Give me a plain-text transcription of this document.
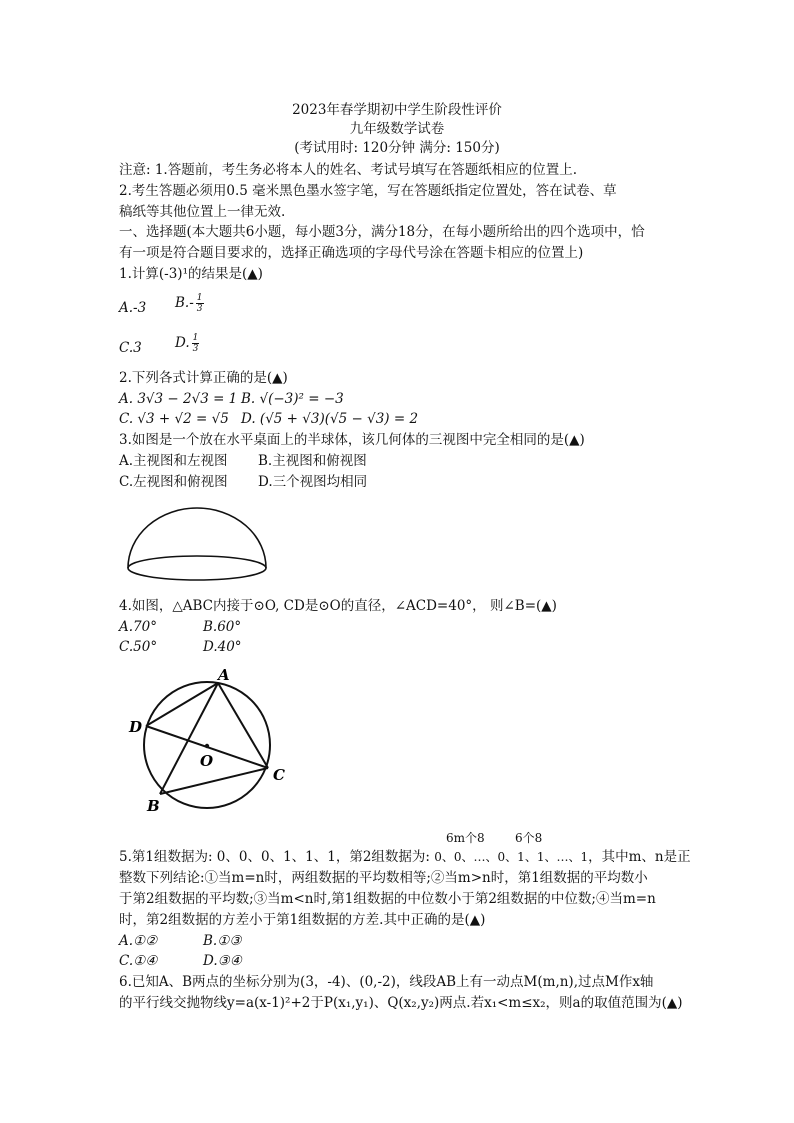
2023年春学期初中学生阶段性评价
九年级数学试卷
(考试用时: 120分钟 满分: 150分)
注意: 1.答题前，考生务必将本人的姓名、考试号填写在答题纸相应的位置上.
2.考生答题必须用0.5 毫米黑色墨水签字笔，写在答题纸指定位置处，答在试卷、草
稿纸等其他位置上一律无效.
一、选择题(本大题共6小题，每小题3分，满分18分，在每小题所给出的四个选项中，恰
有一项是符合题目要求的，选择正确选项的字母代号涂在答题卡相应的位置上)
1.计算(-3)¹的结果是(▲)
A.-3 $B.- \frac{1}{3}$
C.3 D. $\frac{1}{3}$
2.下列各式计算正确的是(▲)
A. 3√3 − 2√3 = 1 B. √(−3)² = −3
C. √3 + √2 = √5 D. (√5 + √3)(√5 − √3) = 2
3.如图是一个放在水平桌面上的半球体，该几何体的三视图中完全相同的是(▲)
A.主视图和左视图 B.主视图和俯视图
C.左视图和俯视图 D.三个视图均相同
4.如图，△ABC内接于⊙O, CD是⊙O的直径，∠ACD=40°， 则∠B=(▲)
A.70°	B.60°
C.50°	D.40°
A
B
C
D
O
6m个8	6个8
5.第1组数据为: 0、0、0、1、1、1，第2组数据为: 0、0、…、0、1、1、…、1，其中m、n是正
整数下列结论:①当m=n时，两组数据的平均数相等;②当m>n时，第1组数据的平均数小
于第2组数据的平均数;③当m<n时,第1组数据的中位数小于第2组数据的中位数;④当m=n
时，第2组数据的方差小于第1组数据的方差.其中正确的是(▲)
A.①②	B.①③
C.①④	D.③④
6.已知A、B两点的坐标分别为(3，-4)、(0,-2)，线段AB上有一动点M(m,n),过点M作x轴
的平行线交抛物线y=a(x-1)²+2于P(x₁,y₁)、Q(x₂,y₂)两点.若x₁<m≤x₂，则a的取值范围为(▲)
